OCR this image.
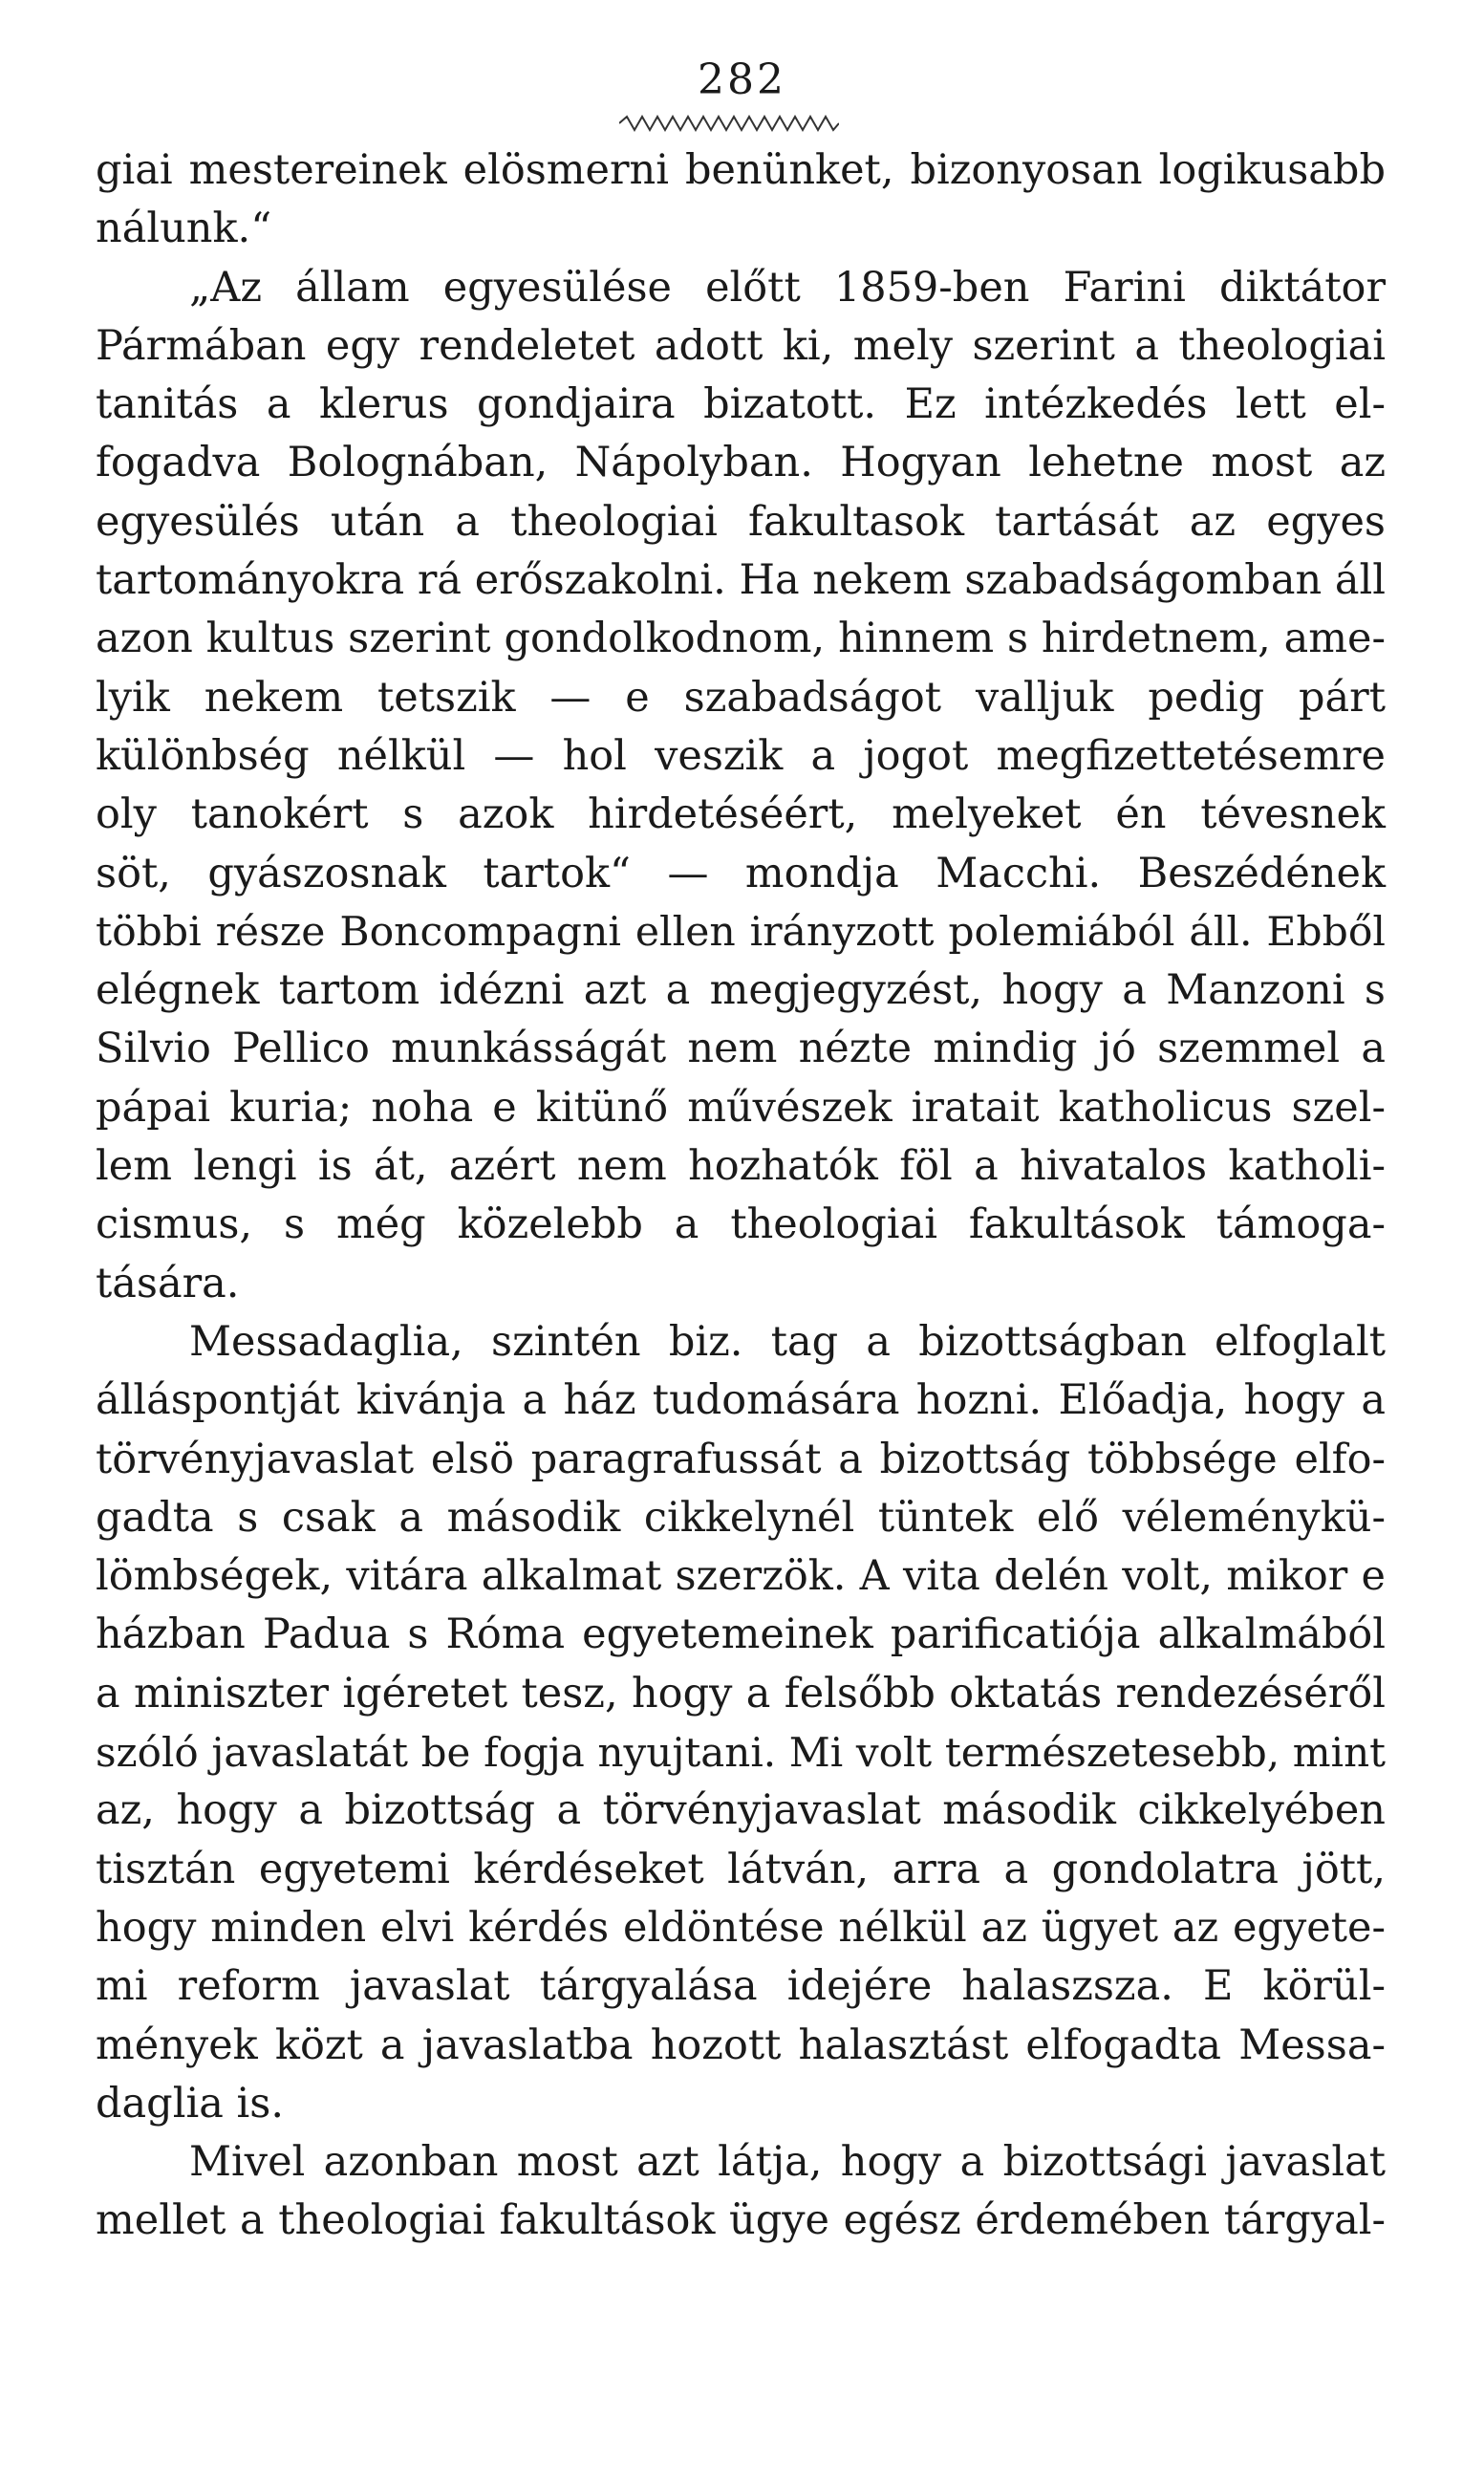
282
giai mestereinek elösmerni benünket, bizonyosan logikusabb
nálunk.“
„Az állam egyesülése előtt 1859-ben Farini diktátor
Pármában egy rendeletet adott ki, mely szerint a theologiai
tanitás a klerus gondjaira bizatott. Ez intézkedés lett el-
fogadva Bolognában, Nápolyban. Hogyan lehetne most az
egyesülés után a theologiai fakultasok tartását az egyes
tartományokra rá erőszakolni. Ha nekem szabadságomban áll
azon kultus szerint gondolkodnom, hinnem s hirdetnem, ame-
lyik nekem tetszik — e szabadságot valljuk pedig párt
különbség nélkül — hol veszik a jogot megfizettetésemre
oly tanokért s azok hirdetéséért, melyeket én tévesnek
söt, gyászosnak tartok“ — mondja Macchi. Beszédének
többi része Boncompagni ellen irányzott polemiából áll. Ebből
elégnek tartom idézni azt a megjegyzést, hogy a Manzoni s
Silvio Pellico munkásságát nem nézte mindig jó szemmel a
pápai kuria; noha e kitünő művészek iratait katholicus szel-
lem lengi is át, azért nem hozhatók föl a hivatalos katholi-
cismus, s még közelebb a theologiai fakultások támoga-
tására.
Messadaglia, szintén biz. tag a bizottságban elfoglalt
álláspontját kivánja a ház tudomására hozni. Előadja, hogy a
törvényjavaslat elsö paragrafussát a bizottság többsége elfo-
gadta s csak a második cikkelynél tüntek elő véleménykü-
lömbségek, vitára alkalmat szerzök. A vita delén volt, mikor e
házban Padua s Róma egyetemeinek parificatiója alkalmából
a miniszter igéretet tesz, hogy a felsőbb oktatás rendezéséről
szóló javaslatát be fogja nyujtani. Mi volt természetesebb, mint
az, hogy a bizottság a törvényjavaslat második cikkelyében
tisztán egyetemi kérdéseket látván, arra a gondolatra jött,
hogy minden elvi kérdés eldöntése nélkül az ügyet az egyete-
mi reform javaslat tárgyalása idejére halaszsza. E körül-
mények közt a javaslatba hozott halasztást elfogadta Messa-
daglia is.
Mivel azonban most azt látja, hogy a bizottsági javaslat
mellet a theologiai fakultások ügye egész érdemében tárgyal-
